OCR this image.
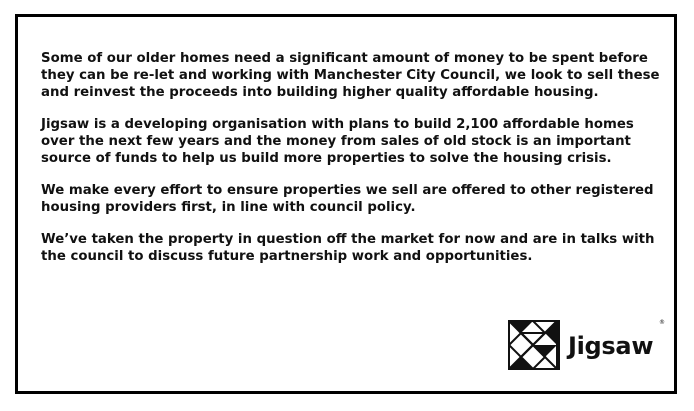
Some of our older homes need a significant amount of money to be spent before they can be re-let and working with Manchester City Council, we look to sell these and reinvest the proceeds into building higher quality affordable housing.

Jigsaw is a developing organisation with plans to build 2,100 affordable homes over the next few years and the money from sales of old stock is an important source of funds to help us build more properties to solve the housing crisis.

We make every effort to ensure properties we sell are offered to other registered housing providers first, in line with council policy.

We’ve taken the property in question off the market for now and are in talks with the council to discuss future partnership work and opportunities.

Jigsaw
®
